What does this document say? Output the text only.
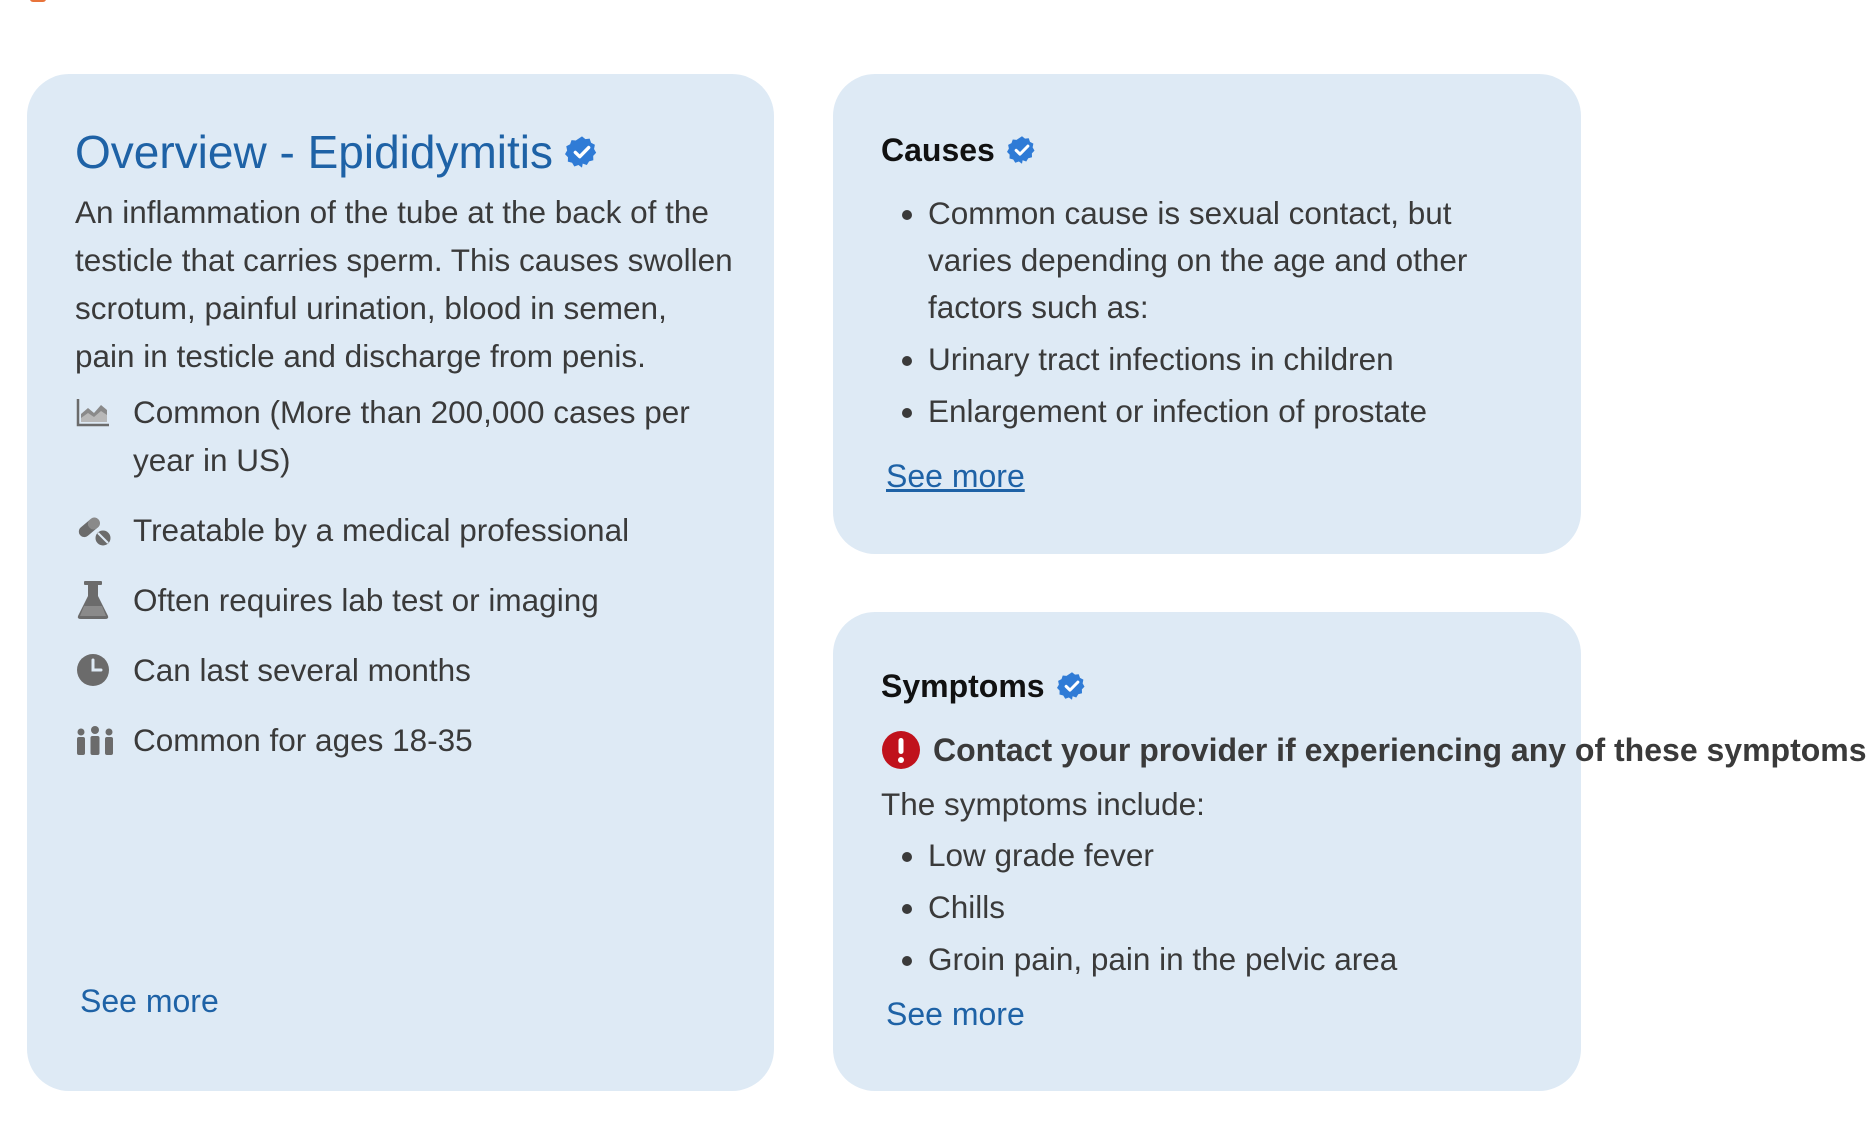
Overview - Epididymitis

An inflammation of the tube at the back of the testicle that carries sperm. This causes swollen scrotum, painful urination, blood in semen, pain in testicle and discharge from penis.

Common (More than 200,000 cases per year in US)
Treatable by a medical professional
Often requires lab test or imaging
Can last several months
Common for ages 18-35
See more
Causes
• Common cause is sexual contact, but varies depending on the age and other factors such as:
• Urinary tract infections in children
• Enlargement or infection of prostate
See more
Symptoms
Contact your provider if experiencing any of these symptoms

The symptoms include:

• Low grade fever
• Chills
• Groin pain, pain in the pelvic area
See more
